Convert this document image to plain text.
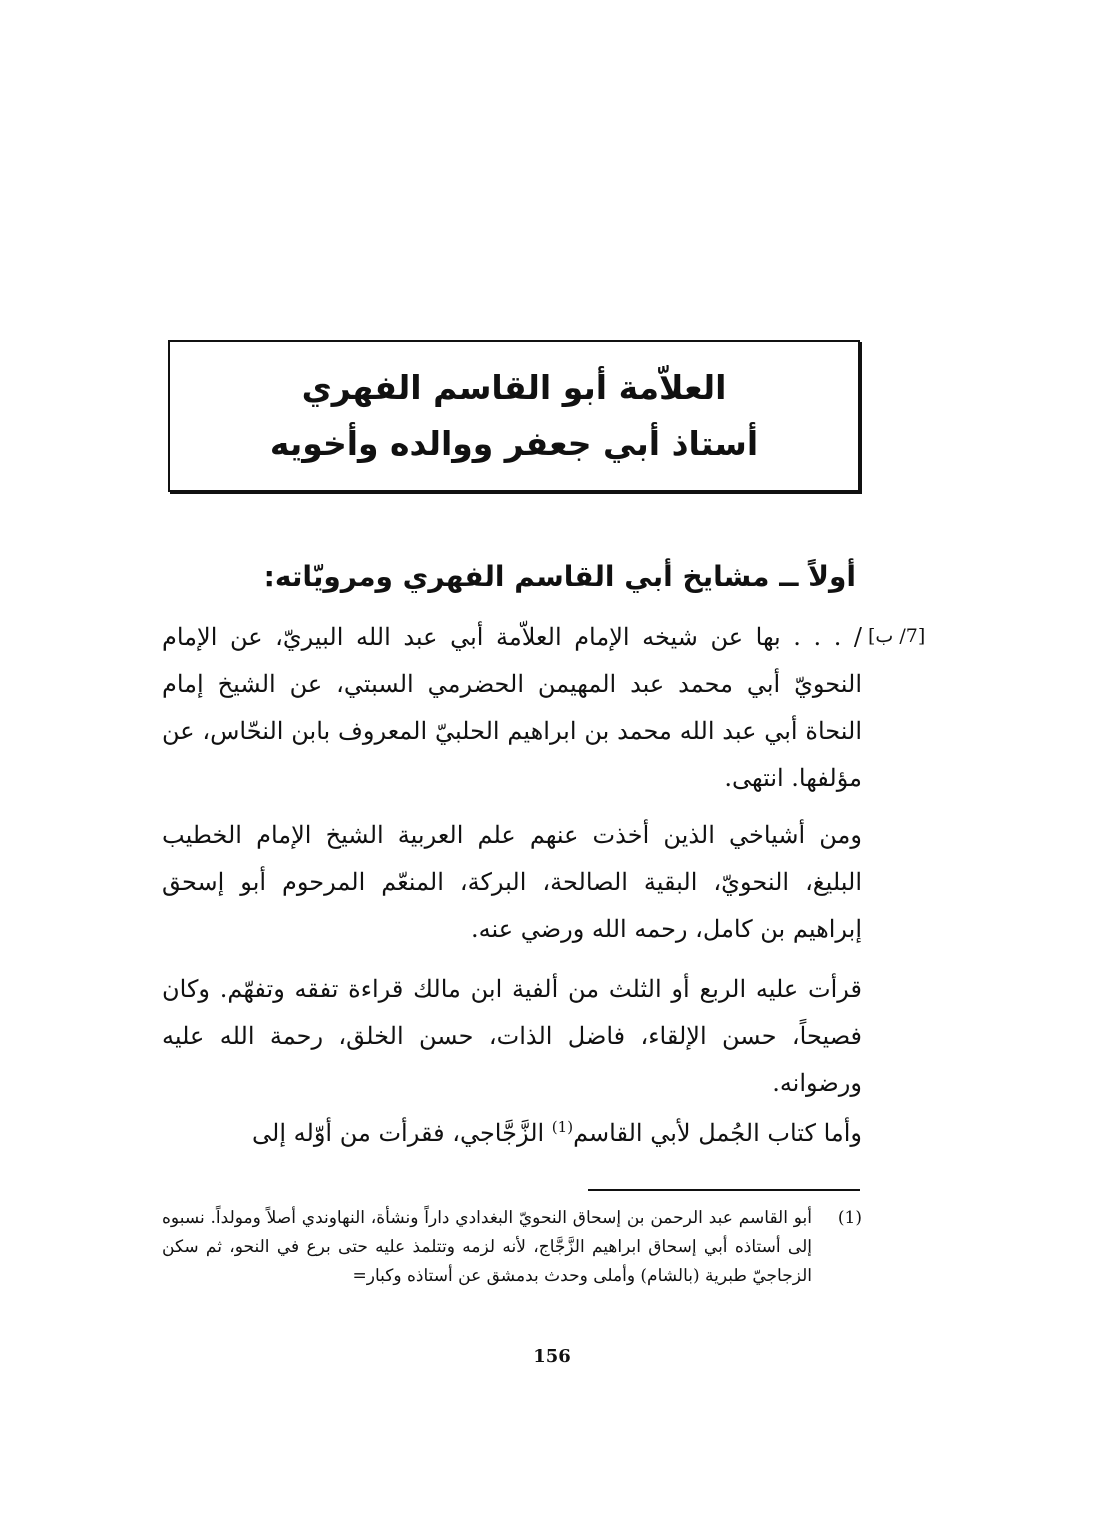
العلاّمة أبو القاسم الفهري
أستاذ أبي جعفر ووالده وأخويه
أولاً ــ مشايخ أبي القاسم الفهري ومرويّاته:
[7/ ب]

/ . . . بها عن شيخه الإمام العلاّمة أبي عبد الله البيريّ، عن الإمام النحويّ أبي محمد عبد المهيمن الحضرمي السبتي، عن الشيخ إمام النحاة أبي عبد الله محمد بن ابراهيم الحلبيّ المعروف بابن النحّاس، عن مؤلفها. انتهى.

ومن أشياخي الذين أخذت عنهم علم العربية الشيخ الإمام الخطيب البليغ، النحويّ، البقية الصالحة، البركة، المنعّم المرحوم أبو إسحق إبراهيم بن كامل، رحمه الله ورضي عنه.

قرأت عليه الربع أو الثلث من ألفية ابن مالك قراءة تفقه وتفهّم. وكان فصيحاً، حسن الإلقاء، فاضل الذات، حسن الخلق، رحمة الله عليه ورضوانه.

وأما كتاب الجُمل لأبي القاسم$^{(1)}$ الزَّجَّاجي، فقرأت من أوّله إلى

(1)
أبو القاسم عبد الرحمن بن إسحاق النحويّ البغدادي داراً ونشأة، النهاوندي أصلاً ومولداً. نسبوه إلى أستاذه أبي إسحاق ابراهيم الزَّجَّاج، لأنه لزمه وتتلمذ عليه حتى برع في النحو، ثم سكن الزجاجيّ طبرية (بالشام) وأملى وحدث بدمشق عن أستاذه وكبار=
156
